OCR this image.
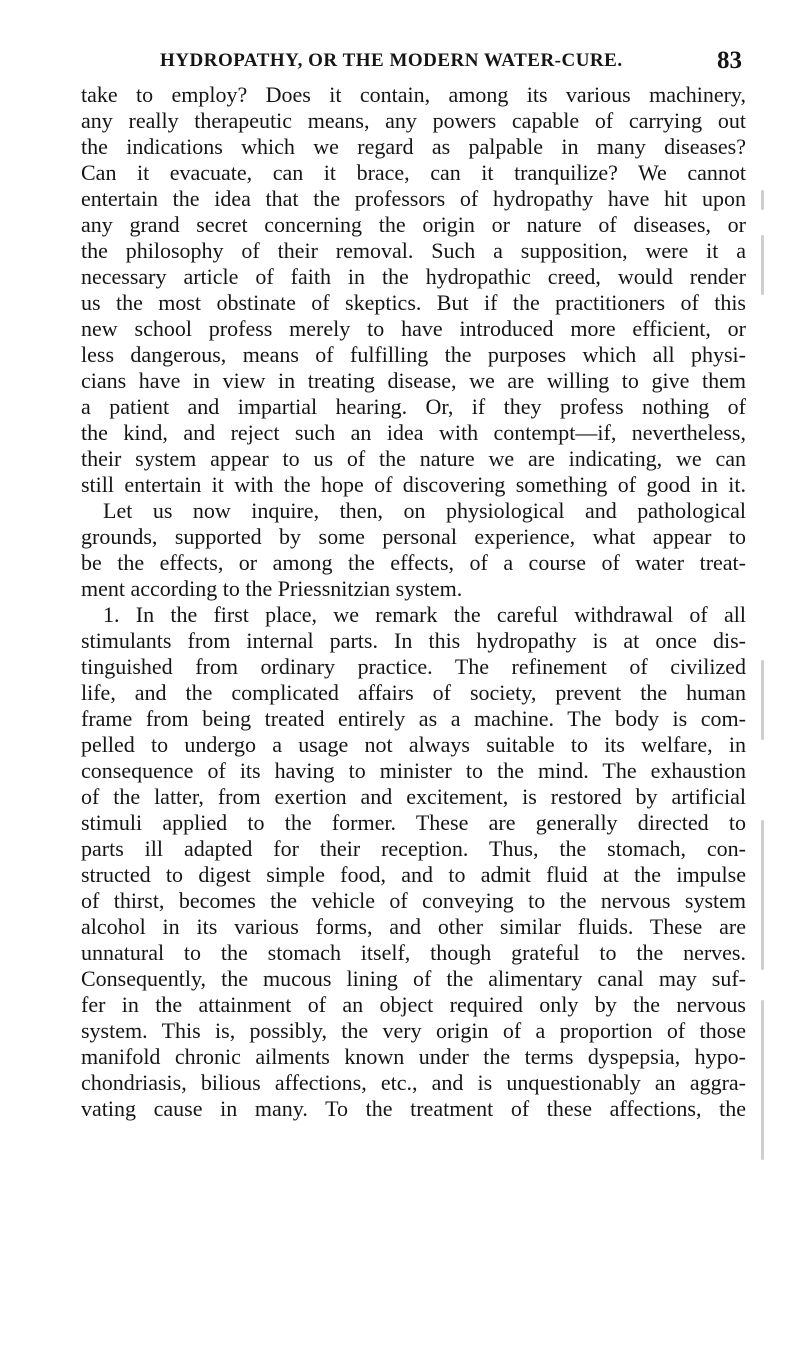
HYDROPATHY, OR THE MODERN WATER-CURE.	83
take to employ? Does it contain, among its various machinery,
any really therapeutic means, any powers capable of carrying out
the indications which we regard as palpable in many diseases?
Can it evacuate, can it brace, can it tranquilize? We cannot
entertain the idea that the professors of hydropathy have hit upon
any grand secret concerning the origin or nature of diseases, or
the philosophy of their removal. Such a supposition, were it a
necessary article of faith in the hydropathic creed, would render
us the most obstinate of skeptics. But if the practitioners of this
new school profess merely to have introduced more efficient, or
less dangerous, means of fulfilling the purposes which all physi-
cians have in view in treating disease, we are willing to give them
a patient and impartial hearing. Or, if they profess nothing of
the kind, and reject such an idea with contempt—if, nevertheless,
their system appear to us of the nature we are indicating, we can
still entertain it with the hope of discovering something of good in it.
Let us now inquire, then, on physiological and pathological
grounds, supported by some personal experience, what appear to
be the effects, or among the effects, of a course of water treat-
ment according to the Priessnitzian system.
1. In the first place, we remark the careful withdrawal of all
stimulants from internal parts. In this hydropathy is at once dis-
tinguished from ordinary practice. The refinement of civilized
life, and the complicated affairs of society, prevent the human
frame from being treated entirely as a machine. The body is com-
pelled to undergo a usage not always suitable to its welfare, in
consequence of its having to minister to the mind. The exhaustion
of the latter, from exertion and excitement, is restored by artificial
stimuli applied to the former. These are generally directed to
parts ill adapted for their reception. Thus, the stomach, con-
structed to digest simple food, and to admit fluid at the impulse
of thirst, becomes the vehicle of conveying to the nervous system
alcohol in its various forms, and other similar fluids. These are
unnatural to the stomach itself, though grateful to the nerves.
Consequently, the mucous lining of the alimentary canal may suf-
fer in the attainment of an object required only by the nervous
system. This is, possibly, the very origin of a proportion of those
manifold chronic ailments known under the terms dyspepsia, hypo-
chondriasis, bilious affections, etc., and is unquestionably an aggra-
vating cause in many. To the treatment of these affections, the
